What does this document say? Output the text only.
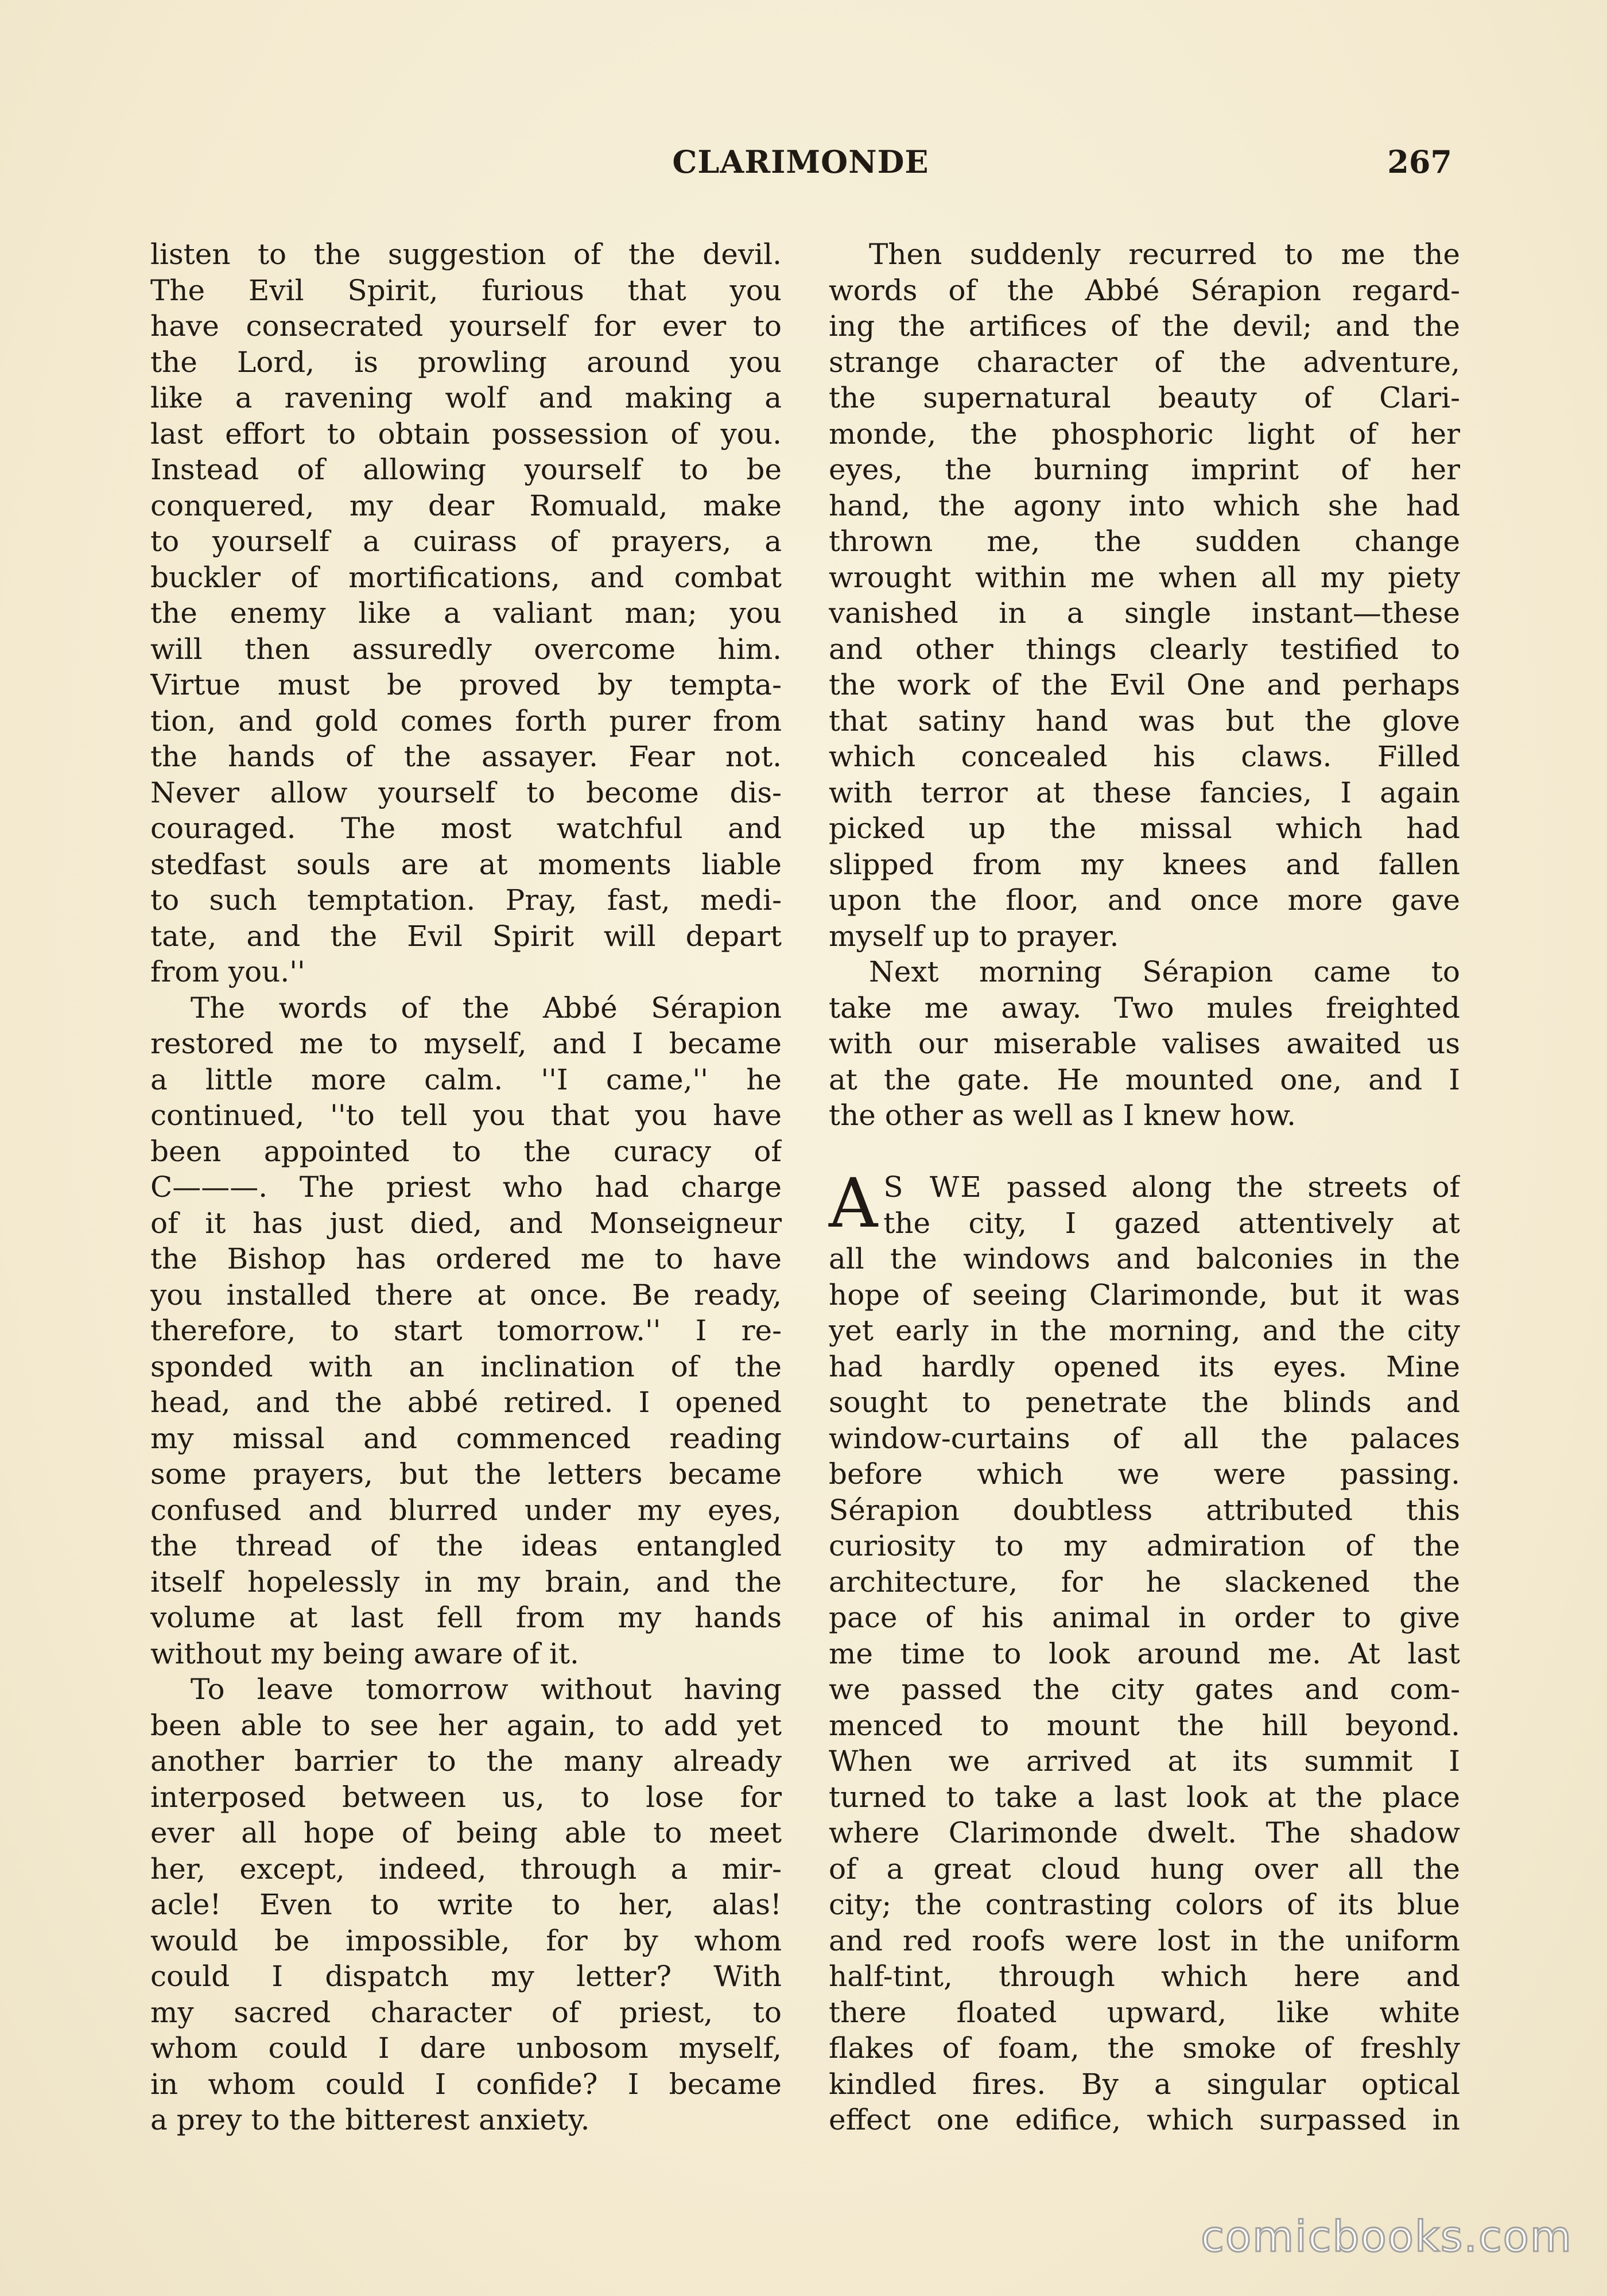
CLARIMONDE	267
listen to the suggestion of the devil.
The Evil Spirit, furious that you
have consecrated yourself for ever to
the Lord, is prowling around you
like a ravening wolf and making a
last effort to obtain possession of you.
Instead of allowing yourself to be
conquered, my dear Romuald, make
to yourself a cuirass of prayers, a
buckler of mortifications, and combat
the enemy like a valiant man; you
will then assuredly overcome him.
Virtue must be proved by tempta-
tion, and gold comes forth purer from
the hands of the assayer. Fear not.
Never allow yourself to become dis-
couraged. The most watchful and
stedfast souls are at moments liable
to such temptation. Pray, fast, medi-
tate, and the Evil Spirit will depart
from you.''
The words of the Abbé Sérapion
restored me to myself, and I became
a little more calm. ''I came,'' he
continued, ''to tell you that you have
been appointed to the curacy of
C———. The priest who had charge
of it has just died, and Monseigneur
the Bishop has ordered me to have
you installed there at once. Be ready,
therefore, to start tomorrow.'' I re-
sponded with an inclination of the
head, and the abbé retired. I opened
my missal and commenced reading
some prayers, but the letters became
confused and blurred under my eyes,
the thread of the ideas entangled
itself hopelessly in my brain, and the
volume at last fell from my hands
without my being aware of it.
To leave tomorrow without having
been able to see her again, to add yet
another barrier to the many already
interposed between us, to lose for
ever all hope of being able to meet
her, except, indeed, through a mir-
acle! Even to write to her, alas!
would be impossible, for by whom
could I dispatch my letter? With
my sacred character of priest, to
whom could I dare unbosom myself,
in whom could I confide? I became
a prey to the bitterest anxiety.
Then suddenly recurred to me the
words of the Abbé Sérapion regard-
ing the artifices of the devil; and the
strange character of the adventure,
the supernatural beauty of Clari-
monde, the phosphoric light of her
eyes, the burning imprint of her
hand, the agony into which she had
thrown me, the sudden change
wrought within me when all my piety
vanished in a single instant—these
and other things clearly testified to
the work of the Evil One and perhaps
that satiny hand was but the glove
which concealed his claws. Filled
with terror at these fancies, I again
picked up the missal which had
slipped from my knees and fallen
upon the floor, and once more gave
myself up to prayer.
Next morning Sérapion came to
take me away. Two mules freighted
with our miserable valises awaited us
at the gate. He mounted one, and I
the other as well as I knew how.
A S WE passed along the streets of
the city, I gazed attentively at
all the windows and balconies in the
hope of seeing Clarimonde, but it was
yet early in the morning, and the city
had hardly opened its eyes. Mine
sought to penetrate the blinds and
window-curtains of all the palaces
before which we were passing.
Sérapion doubtless attributed this
curiosity to my admiration of the
architecture, for he slackened the
pace of his animal in order to give
me time to look around me. At last
we passed the city gates and com-
menced to mount the hill beyond.
When we arrived at its summit I
turned to take a last look at the place
where Clarimonde dwelt. The shadow
of a great cloud hung over all the
city; the contrasting colors of its blue
and red roofs were lost in the uniform
half-tint, through which here and
there floated upward, like white
flakes of foam, the smoke of freshly
kindled fires. By a singular optical
effect one edifice, which surpassed in
comicbooks.com
